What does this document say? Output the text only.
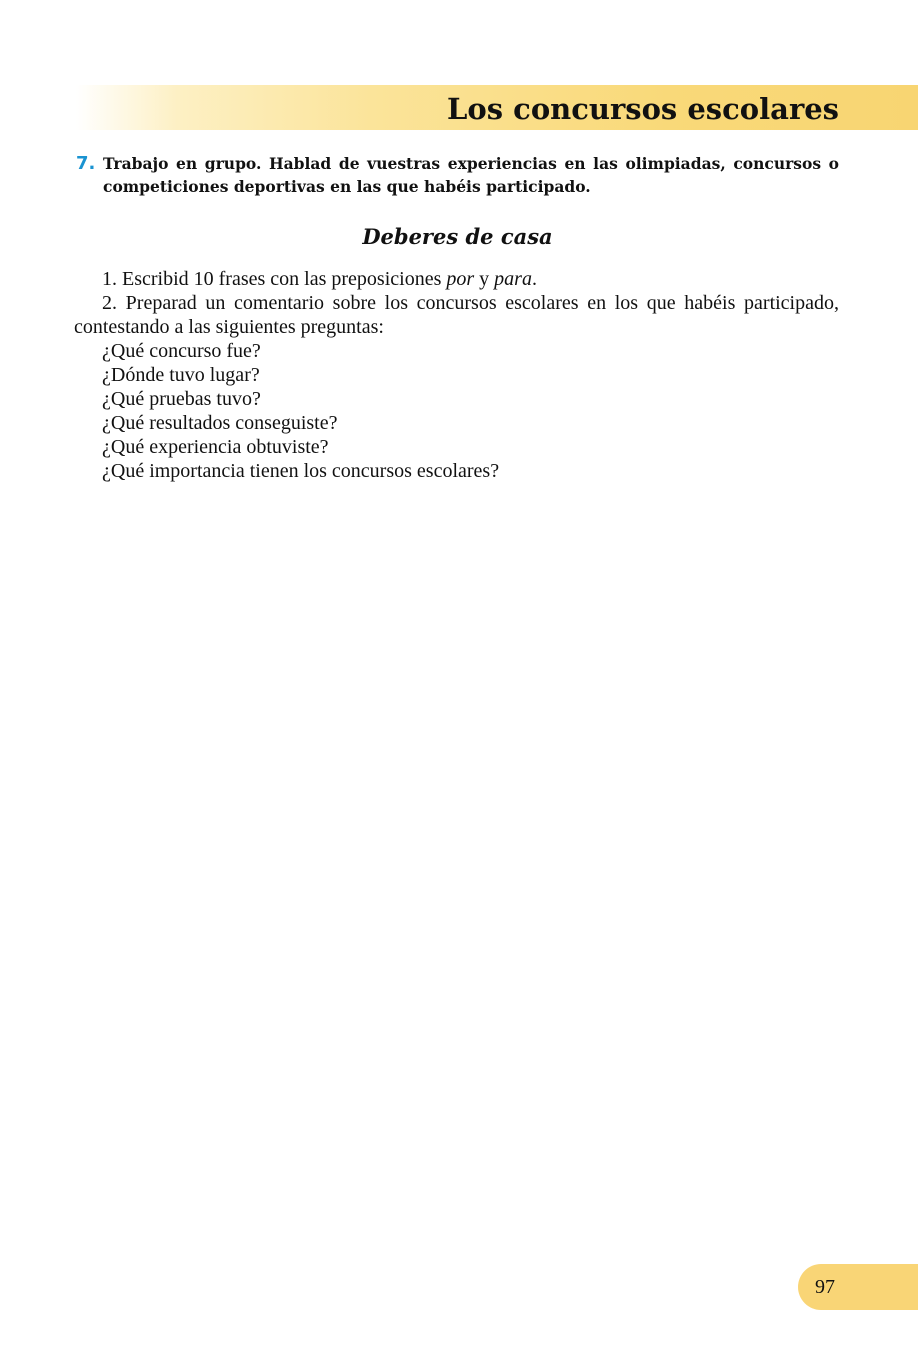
Los concursos escolares
7. Trabajo en grupo. Hablad de vuestras experiencias en las olimpiadas, concursos o competiciones deportivas en las que habéis participado.

Deberes de casa

1. Escribid 10 frases con las preposiciones por y para.

2. Preparad un comentario sobre los concursos escolares en los que habéis participado, contestando a las siguientes preguntas:

¿Qué concurso fue?
¿Dónde tuvo lugar?
¿Qué pruebas tuvo?
¿Qué resultados conseguiste?
¿Qué experiencia obtuviste?
¿Qué importancia tienen los concursos escolares?
97
